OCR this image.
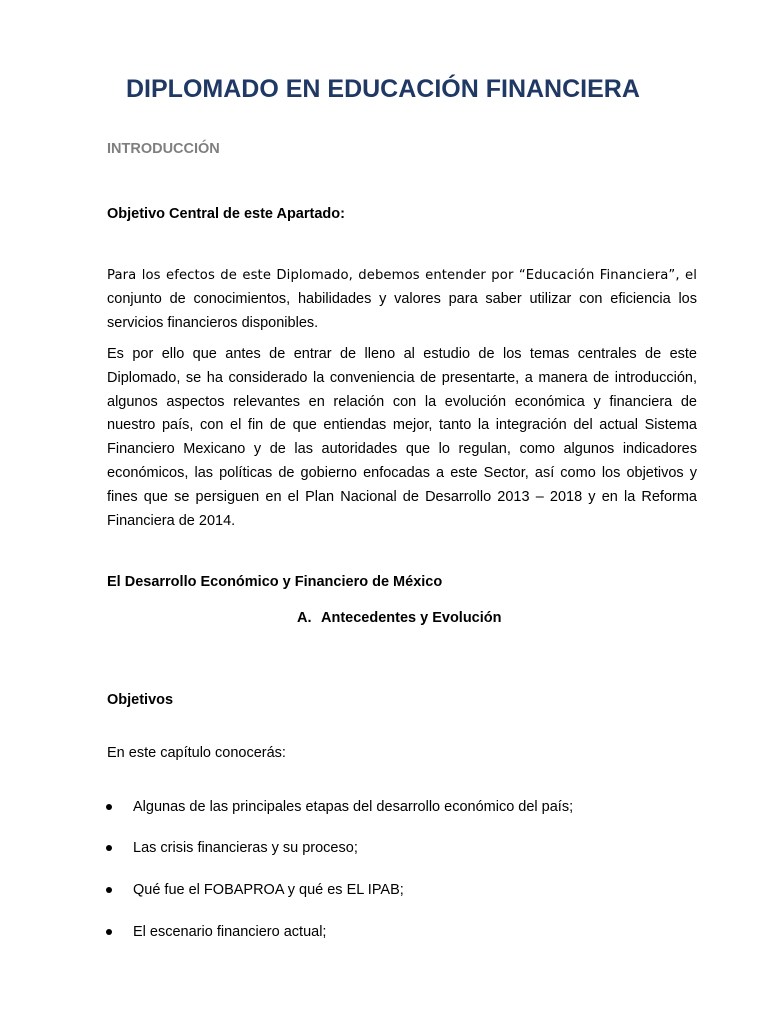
DIPLOMADO EN EDUCACIÓN FINANCIERA
INTRODUCCIÓN
Objetivo Central de este Apartado:

Para los efectos de este Diplomado, debemos entender por “Educación Financiera”, el conjunto de conocimientos, habilidades y valores para saber utilizar con eficiencia los servicios financieros disponibles.

Es por ello que antes de entrar de lleno al estudio de los temas centrales de este Diplomado, se ha considerado la conveniencia de presentarte, a manera de introducción, algunos aspectos relevantes en relación con la evolución económica y financiera de nuestro país, con el fin de que entiendas mejor, tanto la integración del actual Sistema Financiero Mexicano y de las autoridades que lo regulan, como algunos indicadores económicos, las políticas de gobierno enfocadas a este Sector, así como los objetivos y fines que se persiguen en el Plan Nacional de Desarrollo 2013 – 2018 y en la Reforma Financiera de 2014.

El Desarrollo Económico y Financiero de México
A. Antecedentes y Evolución
Objetivos

En este capítulo conocerás:

Algunas de las principales etapas del desarrollo económico del país;
Las crisis financieras y su proceso;
Qué fue el FOBAPROA y qué es EL IPAB;
El escenario financiero actual;
